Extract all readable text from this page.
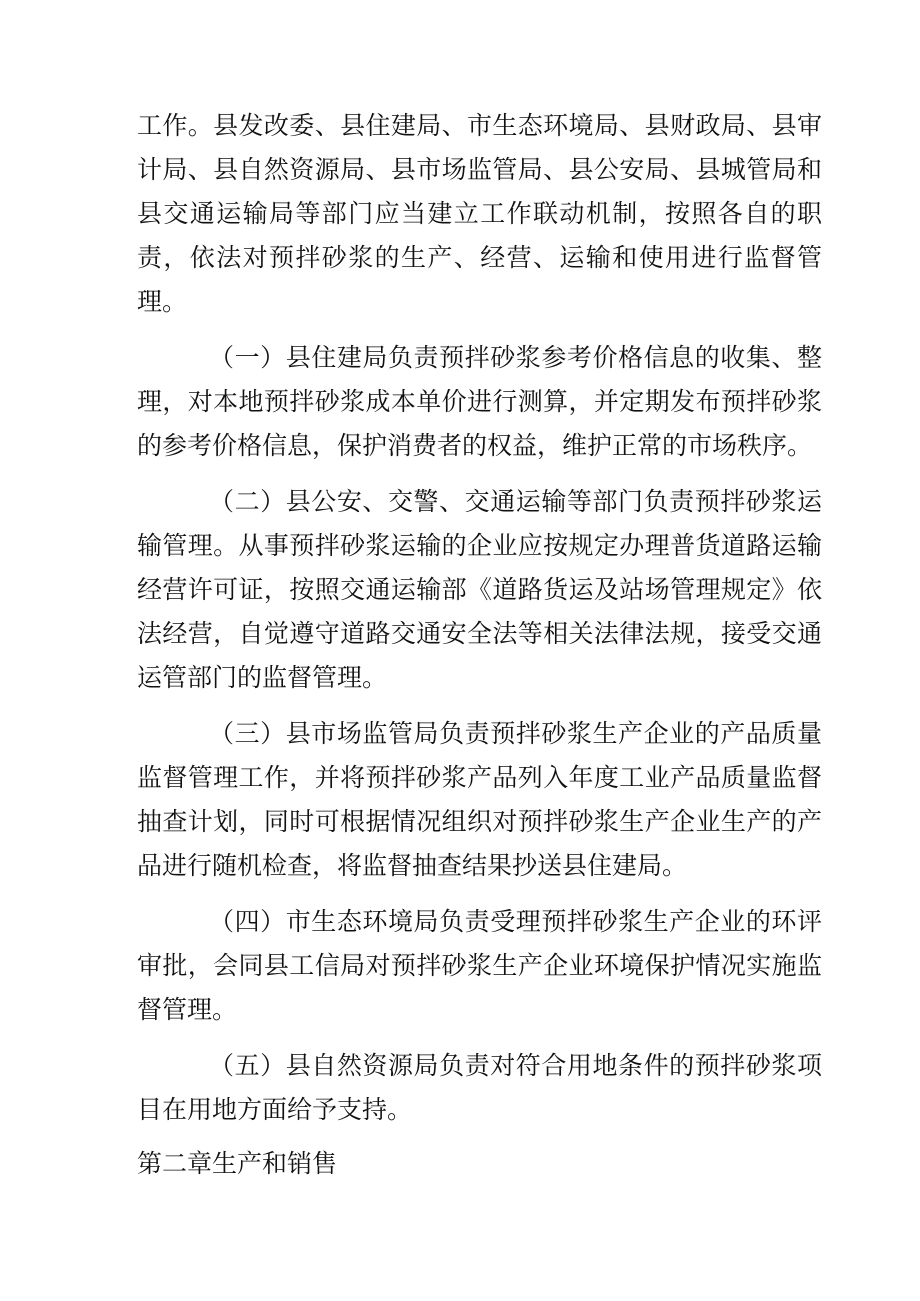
工作。县发改委、县住建局、市生态环境局、县财政局、县审计局、县自然资源局、县市场监管局、县公安局、县城管局和县交通运输局等部门应当建立工作联动机制，按照各自的职责，依法对预拌砂浆的生产、经营、运输和使用进行监督管理。

（一）县住建局负责预拌砂浆参考价格信息的收集、整理，对本地预拌砂浆成本单价进行测算，并定期发布预拌砂浆的参考价格信息，保护消费者的权益，维护正常的市场秩序。

（二）县公安、交警、交通运输等部门负责预拌砂浆运输管理。从事预拌砂浆运输的企业应按规定办理普货道路运输经营许可证，按照交通运输部《道路货运及站场管理规定》依法经营，自觉遵守道路交通安全法等相关法律法规，接受交通运管部门的监督管理。

（三）县市场监管局负责预拌砂浆生产企业的产品质量监督管理工作，并将预拌砂浆产品列入年度工业产品质量监督抽查计划，同时可根据情况组织对预拌砂浆生产企业生产的产品进行随机检查，将监督抽查结果抄送县住建局。

（四）市生态环境局负责受理预拌砂浆生产企业的环评审批，会同县工信局对预拌砂浆生产企业环境保护情况实施监督管理。

（五）县自然资源局负责对符合用地条件的预拌砂浆项目在用地方面给予支持。

第二章生产和销售
